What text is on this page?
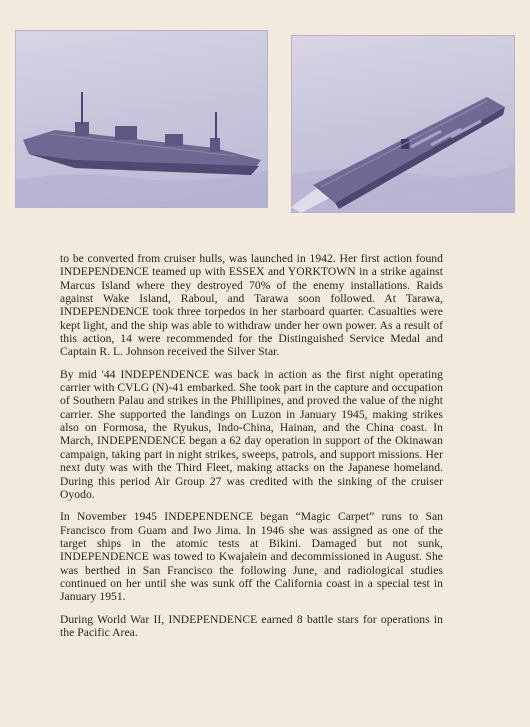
to be converted from cruiser hulls, was launched in 1942. Her first action found INDEPENDENCE teamed up with ESSEX and YORKTOWN in a strike against Marcus Island where they destroyed 70% of the enemy installations. Raids against Wake Island, Raboul, and Tarawa soon followed. At Tarawa, INDEPENDENCE took three torpedos in her starboard quarter. Casualties were kept light, and the ship was able to withdraw under her own power. As a result of this action, 14 were recommended for the Distinguished Service Medal and Captain R. L. Johnson received the Silver Star.

By mid '44 INDEPENDENCE was back in action as the first night operating carrier with CVLG (N)-41 embarked. She took part in the capture and occupation of Southern Palau and strikes in the Phillipines, and proved the value of the night carrier. She supported the landings on Luzon in January 1945, making strikes also on Formosa, the Ryukus, Indo-China, Hainan, and the China coast. In March, INDEPENDENCE began a 62 day operation in support of the Okinawan campaign, taking part in night strikes, sweeps, patrols, and support missions. Her next duty was with the Third Fleet, making attacks on the Japanese homeland. During this period Air Group 27 was credited with the sinking of the cruiser Oyodo.

In November 1945 INDEPENDENCE began “Magic Carpet” runs to San Francisco from Guam and Iwo Jima. In 1946 she was assigned as one of the target ships in the atomic tests at Bikini. Damaged but not sunk, INDEPENDENCE was towed to Kwajalein and decommissioned in August. She was berthed in San Francisco the following June, and radiological studies continued on her until she was sunk off the California coast in a special test in January 1951.

During World War II, INDEPENDENCE earned 8 battle stars for operations in the Pacific Area.
